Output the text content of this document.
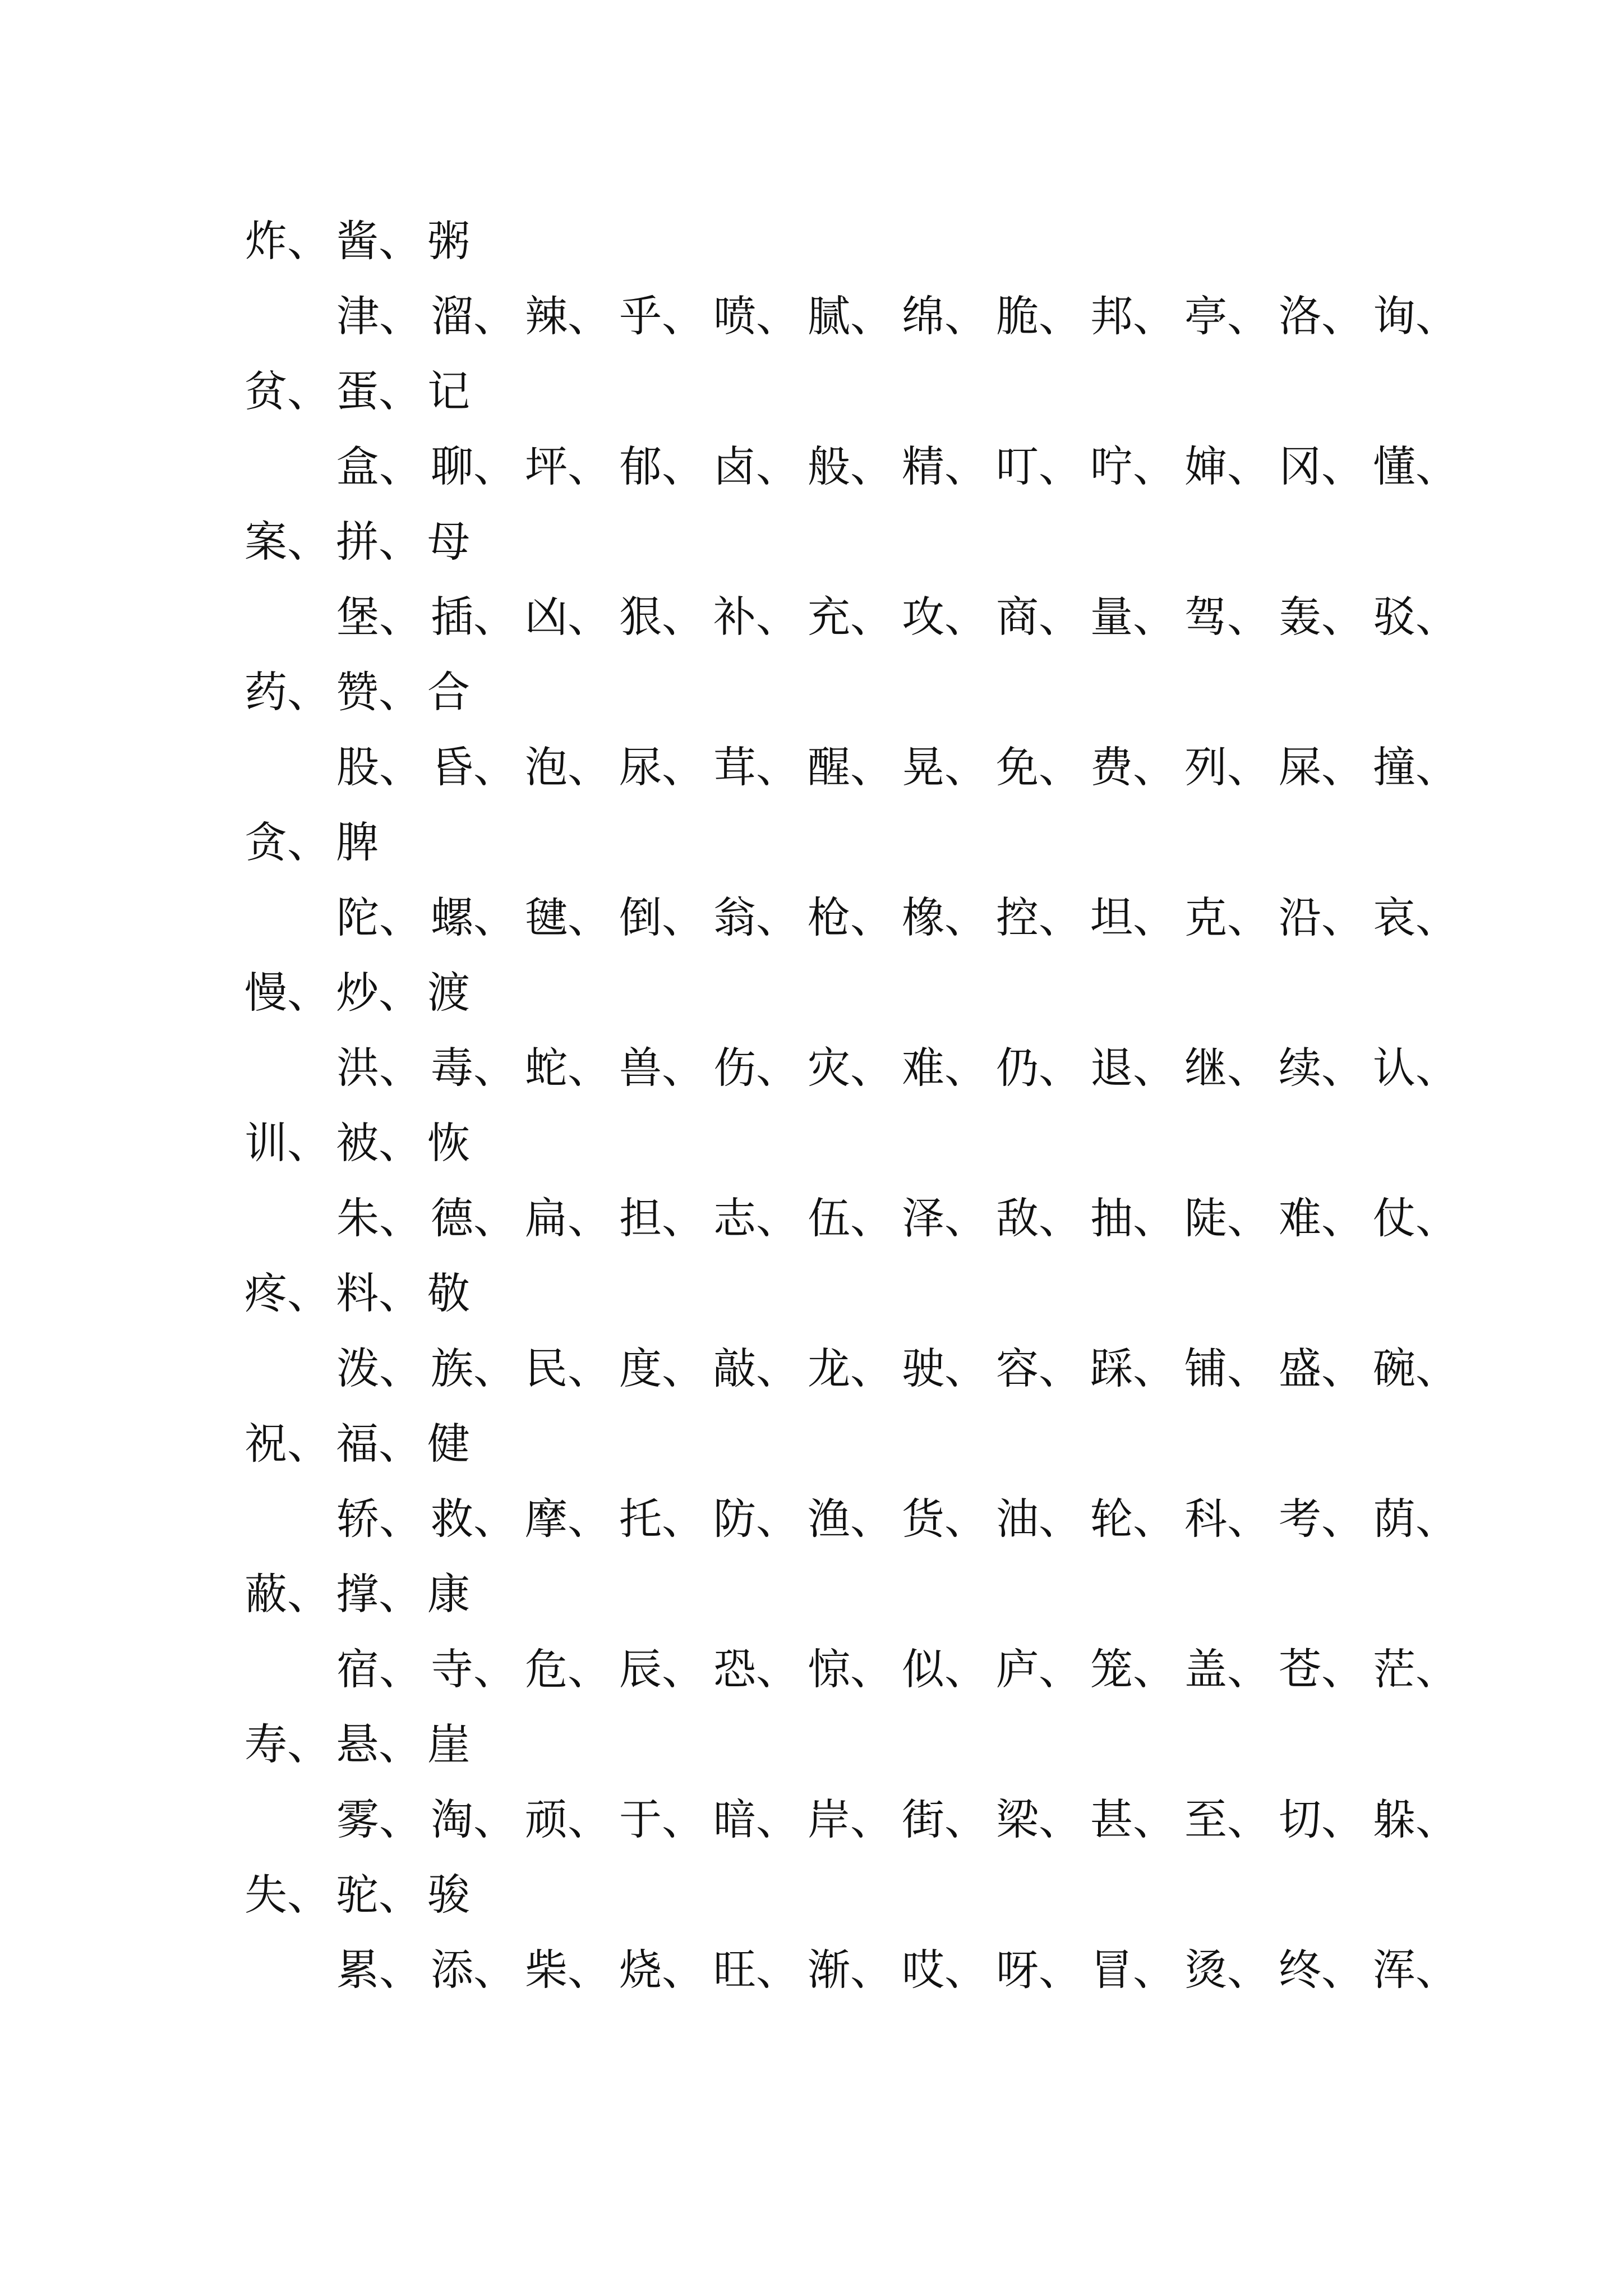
炸、 酱、 粥
津、 溜、 辣、 乎、 喷、 腻、 绵、 脆、 邦、 亭、 洛、 询、
贫、 蛋、 记
盒、 聊、 坪、 郁、 卤、 般、 精、 叮、 咛、 婶、 冈、 懂、
案、 拼、 母
堡、 插、 凶、 狠、 补、 充、 攻、 商、 量、 驾、 轰、 驳、
药、 赞、 合
股、 昏、 泡、 尿、 茸、 醒、 晃、 免、 费、 列、 屎、 撞、
贪、 脾
陀、 螺、 毽、 倒、 翁、 枪、 橡、 控、 坦、 克、 沿、 哀、
慢、 炒、 渡
洪、 毒、 蛇、 兽、 伤、 灾、 难、 仍、 退、 继、 续、 认、
训、 被、 恢
朱、 德、 扁、 担、 志、 伍、 泽、 敌、 抽、 陡、 难、 仗、
疼、 料、 敬
泼、 族、 民、 度、 敲、 龙、 驶、 容、 踩、 铺、 盛、 碗、
祝、 福、 健
轿、 救、 摩、 托、 防、 渔、 货、 油、 轮、 科、 考、 荫、
蔽、 撑、 康
宿、 寺、 危、 辰、 恐、 惊、 似、 庐、 笼、 盖、 苍、 茫、
寿、 悬、 崖
雾、 淘、 顽、 于、 暗、 岸、 街、 梁、 甚、 至、 切、 躲、
失、 驼、 骏
累、 添、 柴、 烧、 旺、 渐、 哎、 呀、 冒、 烫、 终、 浑、
